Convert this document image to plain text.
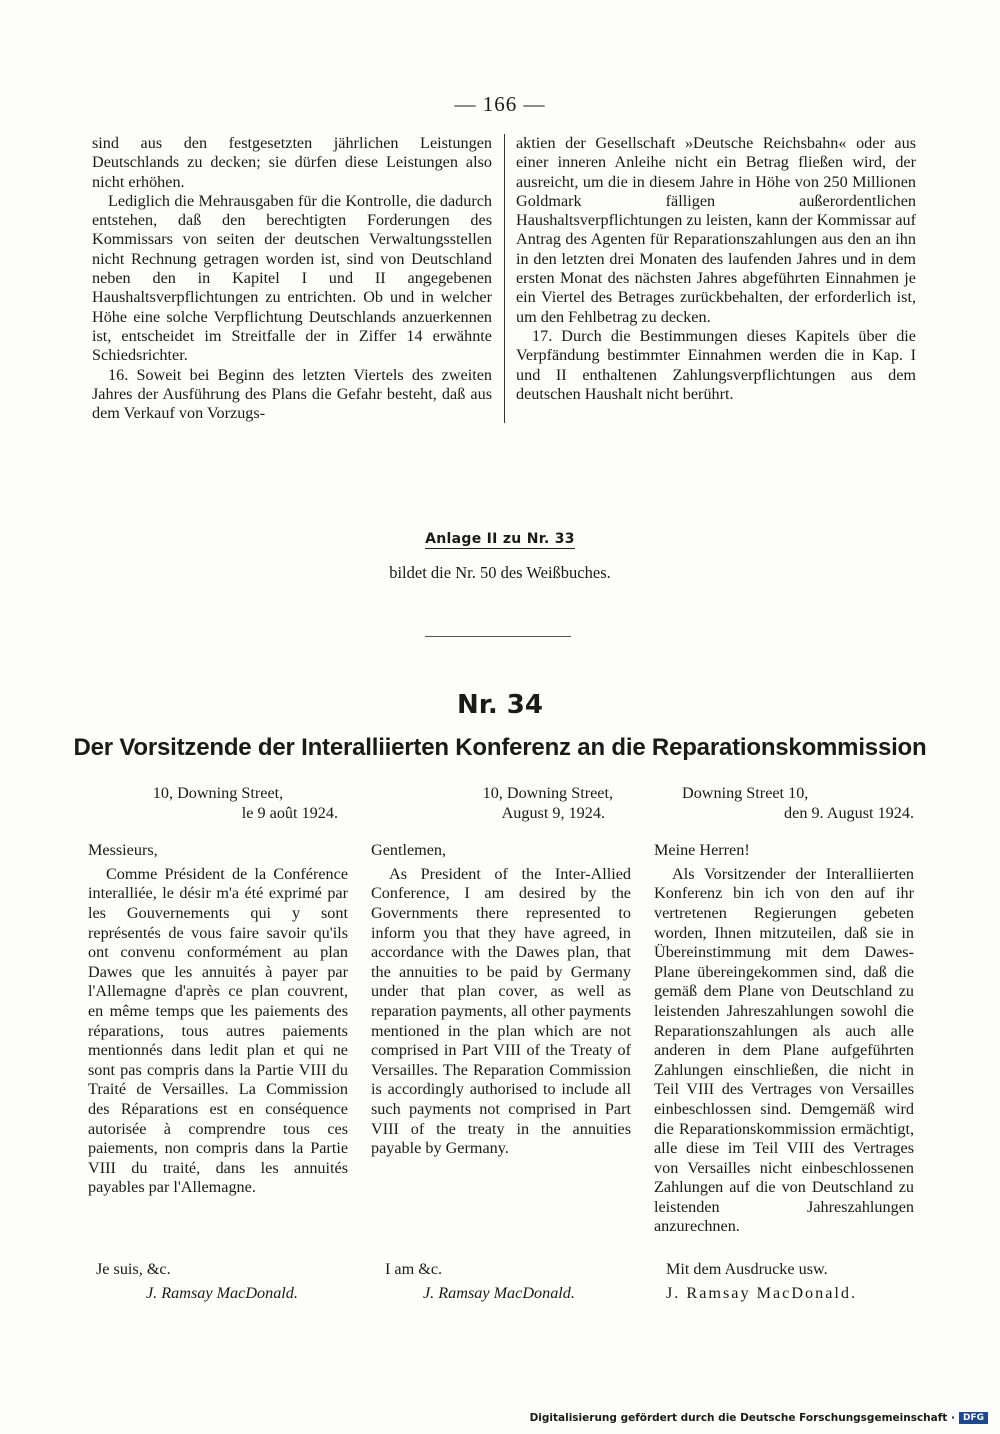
— 166 —

sind aus den festgesetzten jährlichen Leistungen Deutschlands zu decken; sie dürfen diese Leistungen also nicht erhöhen.

Lediglich die Mehrausgaben für die Kontrolle, die dadurch entstehen, daß den berechtigten Forderungen des Kommissars von seiten der deutschen Verwaltungsstellen nicht Rechnung getragen worden ist, sind von Deutschland neben den in Kapitel I und II angegebenen Haushaltsverpflichtungen zu entrichten. Ob und in welcher Höhe eine solche Verpflichtung Deutschlands anzuerkennen ist, entscheidet im Streitfalle der in Ziffer 14 erwähnte Schiedsrichter.

16. Soweit bei Beginn des letzten Viertels des zweiten Jahres der Ausführung des Plans die Gefahr besteht, daß aus dem Verkauf von Vorzugs-

aktien der Gesellschaft »Deutsche Reichsbahn« oder aus einer inneren Anleihe nicht ein Betrag fließen wird, der ausreicht, um die in diesem Jahre in Höhe von 250 Millionen Goldmark fälligen außerordentlichen Haushaltsverpflichtungen zu leisten, kann der Kommissar auf Antrag des Agenten für Reparationszahlungen aus den an ihn in den letzten drei Monaten des laufenden Jahres und in dem ersten Monat des nächsten Jahres abgeführten Einnahmen je ein Viertel des Betrages zurückbehalten, der erforderlich ist, um den Fehlbetrag zu decken.

17. Durch die Bestimmungen dieses Kapitels über die Verpfändung bestimmter Einnahmen werden die in Kap. I und II enthaltenen Zahlungsverpflichtungen aus dem deutschen Haushalt nicht berührt.

Anlage II zu Nr. 33
bildet die Nr. 50 des Weißbuches.
Nr. 34
Der Vorsitzende der Interalliierten Konferenz an die Reparationskommission
10, Downing Street,
le 9 août 1924.
Messieurs,

Comme Président de la Conférence interalliée, le désir m'a été exprimé par les Gouvernements qui y sont représentés de vous faire savoir qu'ils ont convenu conformément au plan Dawes que les annuités à payer par l'Allemagne d'après ce plan couvrent, en même temps que les paiements des réparations, tous autres paiements mentionnés dans ledit plan et qui ne sont pas compris dans la Partie VIII du Traité de Versailles. La Commission des Réparations est en conséquence autorisée à comprendre tous ces paiements, non compris dans la Partie VIII du traité, dans les annuités payables par l'Allemagne.

Je suis, &c.
J. Ramsay MacDonald.
10, Downing Street,
August 9, 1924.
Gentlemen,

As President of the Inter-Allied Conference, I am desired by the Governments there represented to inform you that they have agreed, in accordance with the Dawes plan, that the annuities to be paid by Germany under that plan cover, as well as reparation payments, all other payments mentioned in the plan which are not comprised in Part VIII of the Treaty of Versailles. The Reparation Commission is accordingly authorised to include all such payments not comprised in Part VIII of the treaty in the annuities payable by Germany.

I am &c.
J. Ramsay MacDonald.
Downing Street 10,
den 9. August 1924.
Meine Herren!

Als Vorsitzender der Interalliierten Konferenz bin ich von den auf ihr vertretenen Regierungen gebeten worden, Ihnen mitzuteilen, daß sie in Übereinstimmung mit dem Dawes-Plane übereingekommen sind, daß die gemäß dem Plane von Deutschland zu leistenden Jahreszahlungen sowohl die Reparationszahlungen als auch alle anderen in dem Plane aufgeführten Zahlungen einschließen, die nicht in Teil VIII des Vertrages von Versailles einbeschlossen sind. Demgemäß wird die Reparationskommission ermächtigt, alle diese im Teil VIII des Vertrages von Versailles nicht einbeschlossenen Zahlungen auf die von Deutschland zu leistenden Jahreszahlungen anzurechnen.

Mit dem Ausdrucke usw.
J. Ramsay MacDonald.
Digitalisierung gefördert durch die Deutsche Forschungsgemeinschaft · DFG
